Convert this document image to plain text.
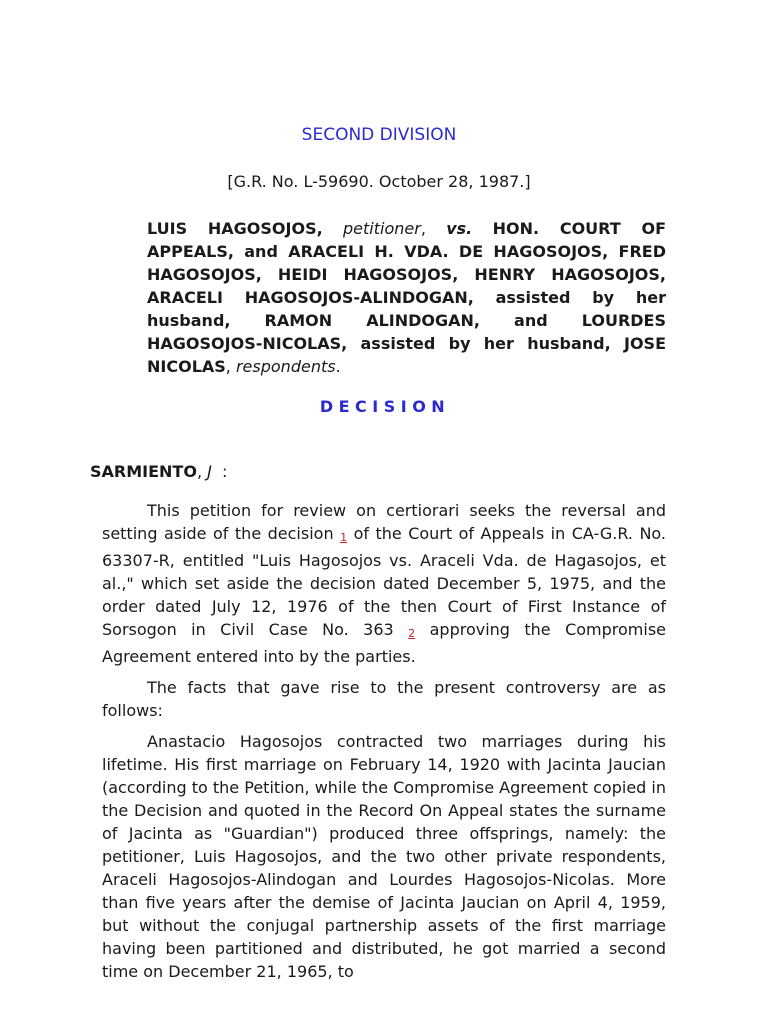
SECOND DIVISION
[G.R. No. L-59690. October 28, 1987.]
LUIS HAGOSOJOS, petitioner, vs. HON. COURT OF APPEALS, and ARACELI H. VDA. DE HAGOSOJOS, FRED HAGOSOJOS, HEIDI HAGOSOJOS, HENRY HAGOSOJOS, ARACELI HAGOSOJOS-ALINDOGAN, assisted by her husband, RAMON ALINDOGAN, and LOURDES HAGOSOJOS-NICOLAS, assisted by her husband, JOSE NICOLAS, respondents.
DECISION
SARMIENTO, J :

This petition for review on certiorari seeks the reversal and setting aside of the decision 1 of the Court of Appeals in CA-G.R. No. 63307-R, entitled "Luis Hagosojos vs. Araceli Vda. de Hagasojos, et al.," which set aside the decision dated December 5, 1975, and the order dated July 12, 1976 of the then Court of First Instance of Sorsogon in Civil Case No. 363 2 approving the Compromise Agreement entered into by the parties.

The facts that gave rise to the present controversy are as follows:

Anastacio Hagosojos contracted two marriages during his lifetime. His first marriage on February 14, 1920 with Jacinta Jaucian (according to the Petition, while the Compromise Agreement copied in the Decision and quoted in the Record On Appeal states the surname of Jacinta as "Guardian") produced three offsprings, namely: the petitioner, Luis Hagosojos, and the two other private respondents, Araceli Hagosojos-Alindogan and Lourdes Hagosojos-Nicolas. More than five years after the demise of Jacinta Jaucian on April 4, 1959, but without the conjugal partnership assets of the first marriage having been partitioned and distributed, he got married a second time on December 21, 1965, to
